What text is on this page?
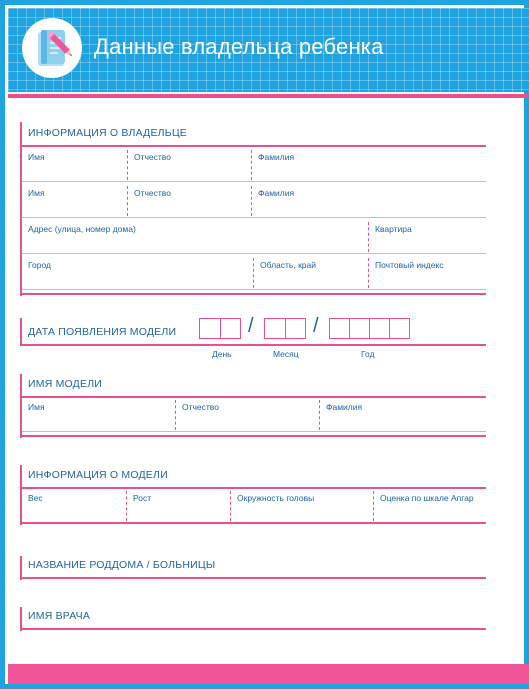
Данные владельца ребенка
ИНФОРМАЦИЯ О ВЛАДЕЛЬЦЕ
Имя	Отчество	Фамилия
Имя	Отчество	Фамилия
Адрес (улица, номер дома)	Квартира
Город	Область, край	Почтовый индекс
ДАТА ПОЯВЛЕНИЯ МОДЕЛИ	/	/
День	Месяц	Год
ИМЯ МОДЕЛИ
Имя	Отчество	Фамилия
ИНФОРМАЦИЯ О МОДЕЛИ
Вес	Рост	Окружность головы	Оценка по шкале Апгар
НАЗВАНИЕ РОДДОМА / БОЛЬНИЦЫ
ИМЯ ВРАЧА
